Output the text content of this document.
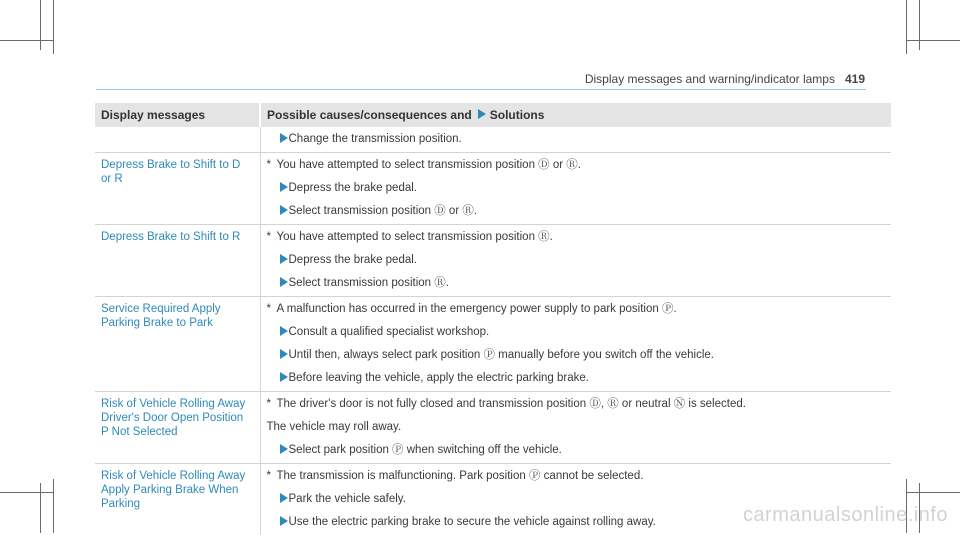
Display messages and warning/indicator lamps 419
Display messages	Possible causes/consequences and Solutions

Change the transmission position.

Depress Brake to Shift to D or R	* You have attempted to select transmission position Ⓓ or Ⓡ.
Depress the brake pedal.
Select transmission position Ⓓ or Ⓡ.

Depress Brake to Shift to R	* You have attempted to select transmission position Ⓡ.
Depress the brake pedal.
Select transmission position Ⓡ.

Service Required Apply Parking Brake to Park	* A malfunction has occurred in the emergency power supply to park position Ⓟ.
Consult a qualified specialist workshop.
Until then, always select park position Ⓟ manually before you switch off the vehicle.
Before leaving the vehicle, apply the electric parking brake.

Risk of Vehicle Rolling Away Driver's Door Open Position P Not Selected	* The driver's door is not fully closed and transmission position Ⓓ, Ⓡ or neutral Ⓝ is selected.
The vehicle may roll away.
Select park position Ⓟ when switching off the vehicle.

Risk of Vehicle Rolling Away Apply Parking Brake When Parking	* The transmission is malfunctioning. Park position Ⓟ cannot be selected.
Park the vehicle safely.
Use the electric parking brake to secure the vehicle against rolling away.	carmanualsonline.info
